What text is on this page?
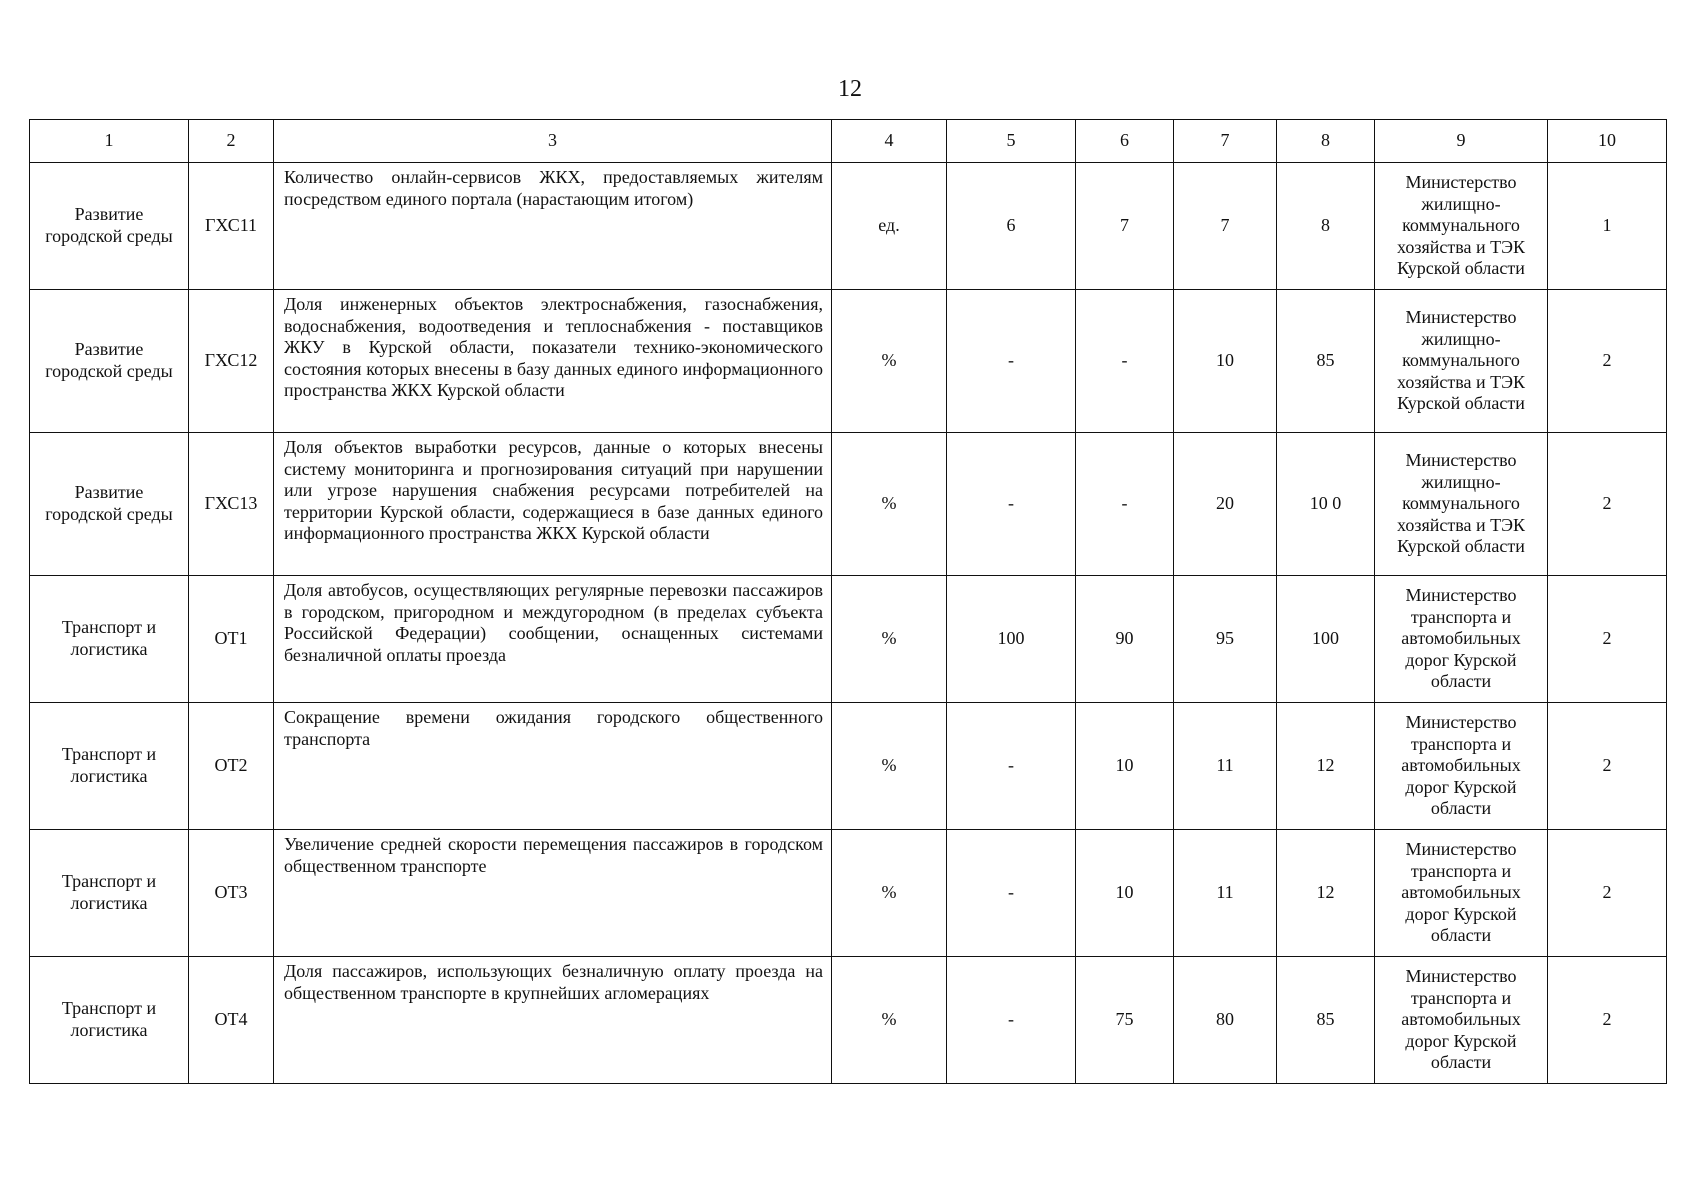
12
1	2	3	4	5	6	7	8	9	10
Развитие городской среды	ГХС11	Количество онлайн-сервисов ЖКХ, предоставляемых жителям посредством единого портала (нарастающим итогом)	ед.	6	7	7	8	Министерство жилищно-коммунального хозяйства и ТЭК Курской области	1
Развитие городской среды	ГХС12	Доля инженерных объектов электроснабжения, газоснабжения, водоснабжения, водоотведения и теплоснабжения - поставщиков ЖКУ в Курской области, показатели технико-экономического состояния которых внесены в базу данных единого информационного пространства ЖКХ Курской области	%	-	-	10	85	Министерство жилищно-коммунального хозяйства и ТЭК Курской области	2
Развитие городской среды	ГХС13	Доля объектов выработки ресурсов, данные о которых внесены систему мониторинга и прогнозирования ситуаций при нарушении или угрозе нарушения снабжения ресурсами потребителей на территории Курской области, содержащиеся в базе данных единого информационного пространства ЖКХ Курской области	%	-	-	20	10 0	Министерство жилищно-коммунального хозяйства и ТЭК Курской области	2
Транспорт и логистика	ОТ1	Доля автобусов, осуществляющих регулярные перевозки пассажиров в городском, пригородном и междугородном (в пределах субъекта Российской Федерации) сообщении, оснащенных системами безналичной оплаты проезда	%	100	90	95	100	Министерство транспорта и автомобильных дорог Курской области	2
Транспорт и логистика	ОТ2	Сокращение времени ожидания городского общественного транспорта	%	-	10	11	12	Министерство транспорта и автомобильных дорог Курской области	2
Транспорт и логистика	ОТ3	Увеличение средней скорости перемещения пассажиров в городском общественном транспорте	%	-	10	11	12	Министерство транспорта и автомобильных дорог Курской области	2
Транспорт и логистика	ОТ4	Доля пассажиров, использующих безналичную оплату проезда на общественном транспорте в крупнейших агломерациях	%	-	75	80	85	Министерство транспорта и автомобильных дорог Курской области	2
